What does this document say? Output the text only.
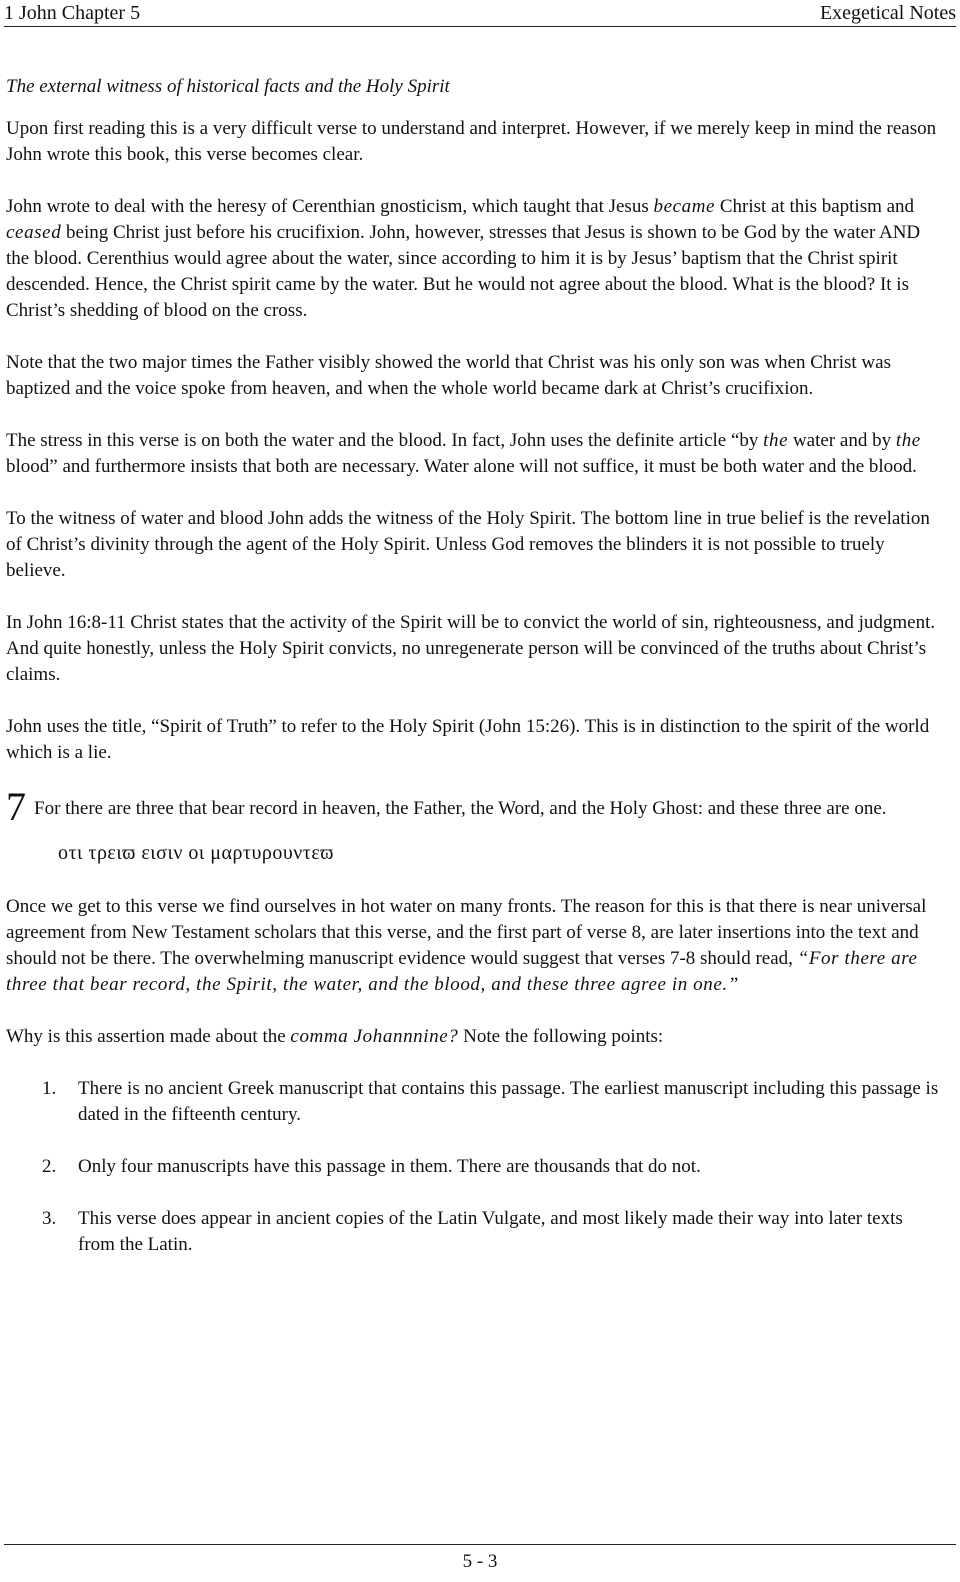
1 John Chapter 5	Exegetical Notes
The external witness of historical facts and the Holy Spirit

Upon first reading this is a very difficult verse to understand and interpret. However, if we merely keep in mind the reason John wrote this book, this verse becomes clear.

John wrote to deal with the heresy of Cerenthian gnosticism, which taught that Jesus became Christ at this baptism and ceased being Christ just before his crucifixion. John, however, stresses that Jesus is shown to be God by the water AND the blood. Cerenthius would agree about the water, since according to him it is by Jesus’ baptism that the Christ spirit descended. Hence, the Christ spirit came by the water. But he would not agree about the blood. What is the blood? It is Christ’s shedding of blood on the cross.

Note that the two major times the Father visibly showed the world that Christ was his only son was when Christ was baptized and the voice spoke from heaven, and when the whole world became dark at Christ’s crucifixion.

The stress in this verse is on both the water and the blood. In fact, John uses the definite article “by the water and by the blood” and furthermore insists that both are necessary. Water alone will not suffice, it must be both water and the blood.

To the witness of water and blood John adds the witness of the Holy Spirit. The bottom line in true belief is the revelation of Christ’s divinity through the agent of the Holy Spirit. Unless God removes the blinders it is not possible to truely believe.

In John 16:8-11 Christ states that the activity of the Spirit will be to convict the world of sin, righteousness, and judgment. And quite honestly, unless the Holy Spirit convicts, no unregenerate person will be convinced of the truths about Christ’s claims.

John uses the title, “Spirit of Truth” to refer to the Holy Spirit (John 15:26). This is in distinction to the spirit of the world which is a lie.

7 For there are three that bear record in heaven, the Father, the Word, and the Holy Ghost: and these three are one.
οτι τρειϖ εισιν οι μαρτυρουντεϖ

Once we get to this verse we find ourselves in hot water on many fronts. The reason for this is that there is near universal agreement from New Testament scholars that this verse, and the first part of verse 8, are later insertions into the text and should not be there. The overwhelming manuscript evidence would suggest that verses 7-8 should read, “For there are three that bear record, the Spirit, the water, and the blood, and these three agree in one.”

Why is this assertion made about the comma Johannnine? Note the following points:

1.	There is no ancient Greek manuscript that contains this passage. The earliest manuscript including this passage is dated in the fifteenth century.
2.	Only four manuscripts have this passage in them. There are thousands that do not.
3.	This verse does appear in ancient copies of the Latin Vulgate, and most likely made their way into later texts from the Latin.
5 - 3
